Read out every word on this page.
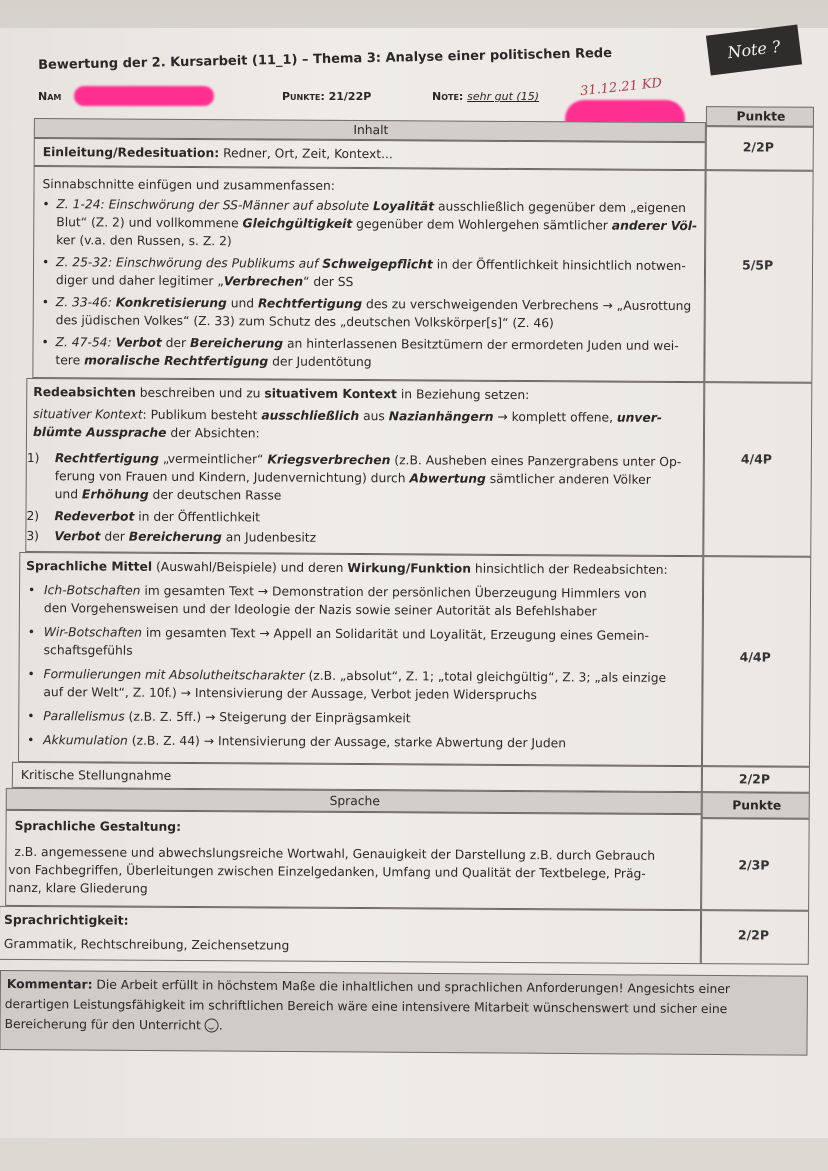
Note ?
Bewertung der 2. Kursarbeit (11_1) – Thema 3: Analyse einer politischen Rede
Nam	Punkte: 21/22P	Note: sehr gut (15)	31.12.21 KD
Inhalt
Punkte
Einleitung/Redesituation: Redner, Ort, Zeit, Kontext...	2/2P
Sinnabschnitte einfügen und zusammenfassen:
• Z. 1-24: Einschwörung der SS-Männer auf absolute Loyalität ausschließlich gegenüber dem „eigenen
Blut“ (Z. 2) und vollkommene Gleichgültigkeit gegenüber dem Wohlergehen sämtlicher anderer Völ-
ker (v.a. den Russen, s. Z. 2)
• Z. 25-32: Einschwörung des Publikums auf Schweigepflicht in der Öffentlichkeit hinsichtlich notwen-
diger und daher legitimer „Verbrechen“ der SS
• Z. 33-46: Konkretisierung und Rechtfertigung des zu verschweigenden Verbrechens → „Ausrottung
des jüdischen Volkes“ (Z. 33) zum Schutz des „deutschen Volkskörper[s]“ (Z. 46)
• Z. 47-54: Verbot der Bereicherung an hinterlassenen Besitztümern der ermordeten Juden und wei-
tere moralische Rechtfertigung der Judentötung
5/5P
Redeabsichten beschreiben und zu situativem Kontext in Beziehung setzen:
situativer Kontext: Publikum besteht ausschließlich aus Nazianhängern → komplett offene, unver-
blümte Aussprache der Absichten:
1) Rechtfertigung „vermeintlicher“ Kriegsverbrechen (z.B. Ausheben eines Panzergrabens unter Op-
ferung von Frauen und Kindern, Judenvernichtung) durch Abwertung sämtlicher anderen Völker
und Erhöhung der deutschen Rasse
2) Redeverbot in der Öffentlichkeit
3) Verbot der Bereicherung an Judenbesitz
4/4P
Sprachliche Mittel (Auswahl/Beispiele) und deren Wirkung/Funktion hinsichtlich der Redeabsichten:
• Ich-Botschaften im gesamten Text → Demonstration der persönlichen Überzeugung Himmlers von
den Vorgehensweisen und der Ideologie der Nazis sowie seiner Autorität als Befehlshaber
• Wir-Botschaften im gesamten Text → Appell an Solidarität und Loyalität, Erzeugung eines Gemein-
schaftsgefühls
• Formulierungen mit Absolutheitscharakter (z.B. „absolut“, Z. 1; „total gleichgültig“, Z. 3; „als einzige
auf der Welt“, Z. 10f.) → Intensivierung der Aussage, Verbot jeden Widerspruchs
• Parallelismus (z.B. Z. 5ff.) → Steigerung der Einprägsamkeit
• Akkumulation (z.B. Z. 44) → Intensivierung der Aussage, starke Abwertung der Juden
4/4P
Kritische Stellungnahme	2/2P
Sprache	Punkte
Sprachliche Gestaltung:
z.B. angemessene und abwechslungsreiche Wortwahl, Genauigkeit der Darstellung z.B. durch Gebrauch
von Fachbegriffen, Überleitungen zwischen Einzelgedanken, Umfang und Qualität der Textbelege, Präg-
nanz, klare Gliederung
2/3P
Sprachrichtigkeit:
Grammatik, Rechtschreibung, Zeichensetzung
2/2P
Kommentar: Die Arbeit erfüllt in höchstem Maße die inhaltlichen und sprachlichen Anforderungen! Angesichts einer
derartigen Leistungsfähigkeit im schriftlichen Bereich wäre eine intensivere Mitarbeit wünschenswert und sicher eine
Bereicherung für den Unterricht .
